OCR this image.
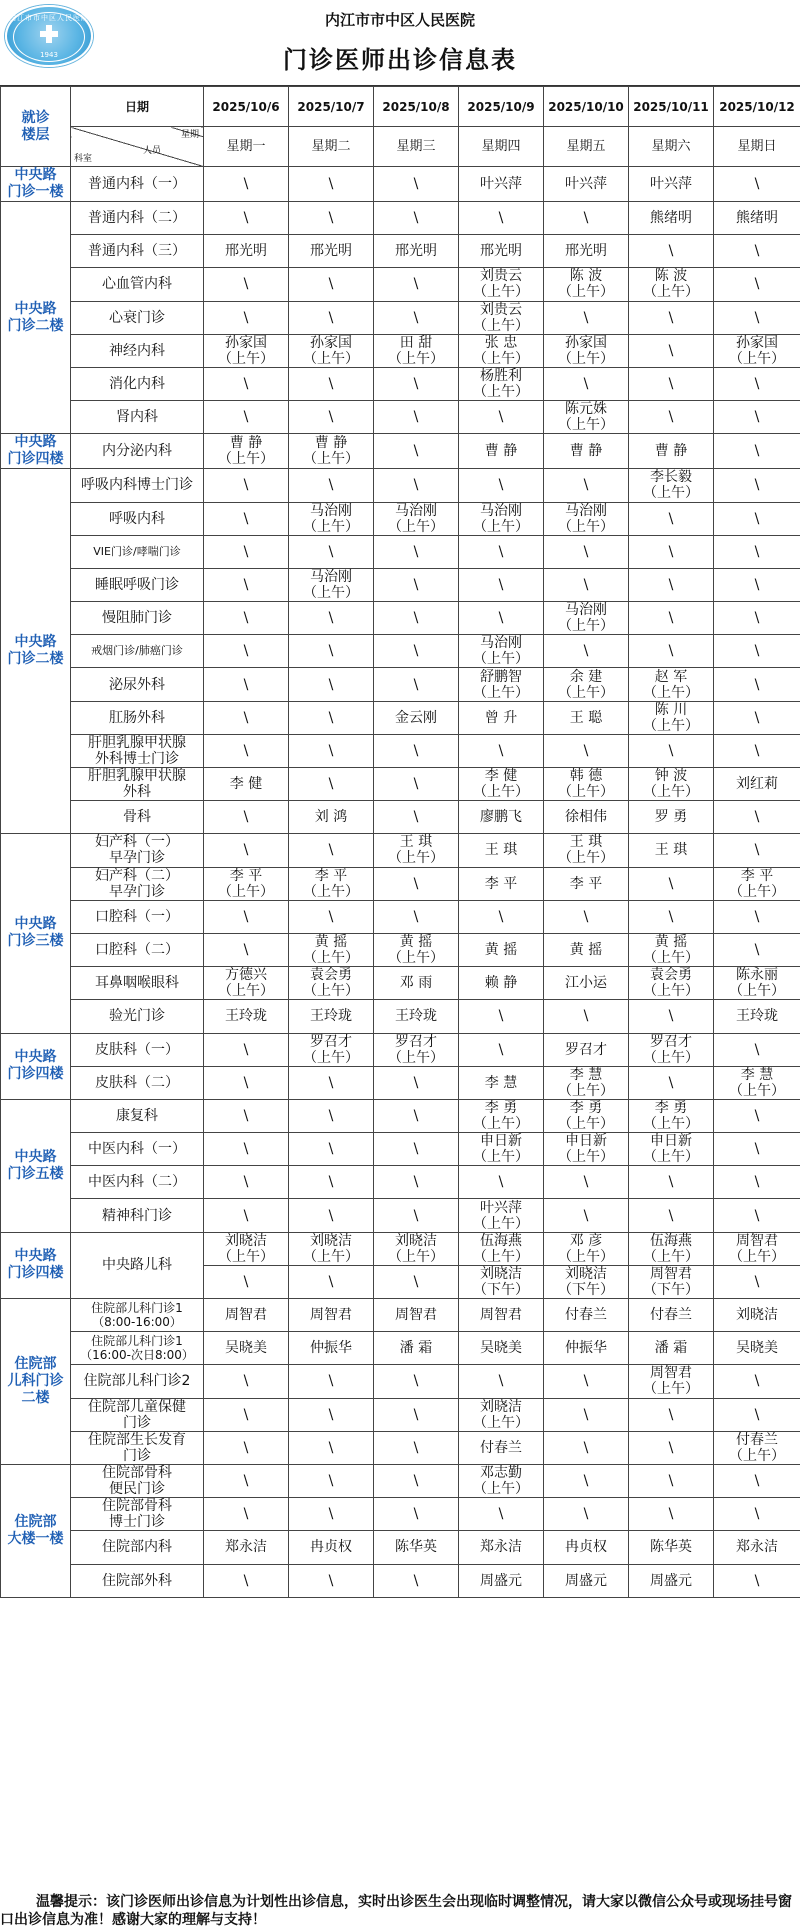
内江市市中区人民医院
1943
内江市市中区人民医院
门诊医师出诊信息表
就诊
楼层	日期	2025/10/6	2025/10/7	2025/10/8	2025/10/9	2025/10/10	2025/10/11	2025/10/12

	星期
人员
科室	星期一	星期二	星期三	星期四	星期五	星期六	星期日

中央路
门诊一楼	普通内科（一）	\	\	\	叶兴萍	叶兴萍	叶兴萍	\

中央路
门诊二楼	普通内科（二）	\	\	\	\	\	熊绪明	熊绪明

	普通内科（三）	邢光明	邢光明	邢光明	邢光明	邢光明	\	\

	心血管内科	\	\	\	刘贵云
（上午）	陈 波
（上午）	陈 波
（上午）	\

	心衰门诊	\	\	\	刘贵云
（上午）	\	\	\

	神经内科	孙家国
（上午）	孙家国
（上午）	田 甜
（上午）	张 忠
（上午）	孙家国
（上午）	\	孙家国
（上午）

	消化内科	\	\	\	杨胜利
（上午）	\	\	\

	肾内科	\	\	\	\	陈元姝
（上午）	\	\

中央路
门诊四楼	内分泌内科	曹 静
（上午）	曹 静
（上午）	\	曹 静	曹 静	曹 静	\

中央路
门诊二楼	呼吸内科博士门诊	\	\	\	\	\	李长毅
（上午）	\

	呼吸内科	\	马治刚
（上午）	马治刚
（上午）	马治刚
（上午）	马治刚
（上午）	\	\

	VIE门诊/哮喘门诊	\	\	\	\	\	\	\

	睡眠呼吸门诊	\	马治刚
（上午）	\	\	\	\	\

	慢阻肺门诊	\	\	\	\	马治刚
（上午）	\	\

	戒烟门诊/肺癌门诊	\	\	\	马治刚
（上午）	\	\	\

	泌尿外科	\	\	\	舒鹏智
（上午）	余 建
（上午）	赵 军
（上午）	\

	肛肠外科	\	\	金云刚	曾 升	王 聪	陈 川
（上午）	\

	肝胆乳腺甲状腺
外科博士门诊	\	\	\	\	\	\	\

	肝胆乳腺甲状腺
外科	李 健	\	\	李 健
（上午）	韩 德
（上午）	钟 波
（上午）	刘红莉

	骨科	\	刘 鸿	\	廖鹏飞	徐相伟	罗 勇	\

中央路
门诊三楼	妇产科（一）
早孕门诊	\	\	王 琪
（上午）	王 琪	王 琪
（上午）	王 琪	\

	妇产科（二）
早孕门诊	李 平
（上午）	李 平
（上午）	\	李 平	李 平	\	李 平
（上午）

	口腔科（一）	\	\	\	\	\	\	\

	口腔科（二）	\	黄 摇
（上午）	黄 摇
（上午）	黄 摇	黄 摇	黄 摇
（上午）	\

	耳鼻咽喉眼科	方德兴
（上午）	袁会勇
（上午）	邓 雨	赖 静	江小运	袁会勇
（上午）	陈永丽
（上午）

	验光门诊	王玲珑	王玲珑	王玲珑	\	\	\	王玲珑

中央路
门诊四楼	皮肤科（一）	\	罗召才
（上午）	罗召才
（上午）	\	罗召才	罗召才
（上午）	\

	皮肤科（二）	\	\	\	李 慧	李 慧
（上午）	\	李 慧
（上午）

中央路
门诊五楼	康复科	\	\	\	李 勇
（上午）	李 勇
（上午）	李 勇
（上午）	\

	中医内科（一）	\	\	\	申日新
（上午）	申日新
（上午）	申日新
（上午）	\

	中医内科（二）	\	\	\	\	\	\	\

	精神科门诊	\	\	\	叶兴萍
（上午）	\	\	\

中央路
门诊四楼	中央路儿科	刘晓洁
（上午）	刘晓洁
（上午）	刘晓洁
（上午）	伍海燕
（上午）	邓 彦
（上午）	伍海燕
（上午）	周智君
（上午）

		\	\	\	刘晓洁
（下午）	刘晓洁
（下午）	周智君
（下午）	\

住院部
儿科门诊二楼	住院部儿科门诊1
（8:00-16:00）	周智君	周智君	周智君	周智君	付春兰	付春兰	刘晓洁

	住院部儿科门诊1
（16:00-次日8:00）	吴晓美	仲振华	潘 霜	吴晓美	仲振华	潘 霜	吴晓美

	住院部儿科门诊2	\	\	\	\	\	周智君
（上午）	\

	住院部儿童保健
门诊	\	\	\	刘晓洁
（上午）	\	\	\

	住院部生长发育
门诊	\	\	\	付春兰	\	\	付春兰
（上午）

住院部
大楼一楼	住院部骨科
便民门诊	\	\	\	邓志勤
（上午）	\	\	\

	住院部骨科
博士门诊	\	\	\	\	\	\	\

	住院部内科	郑永洁	冉贞权	陈华英	郑永洁	冉贞权	陈华英	郑永洁

	住院部外科	\	\	\	周盛元	周盛元	周盛元	\
温馨提示：该门诊医师出诊信息为计划性出诊信息，实时出诊医生会出现临时调整情况，请大家以微信公众号或现场挂号窗口出诊信息为准！感谢大家的理解与支持！
